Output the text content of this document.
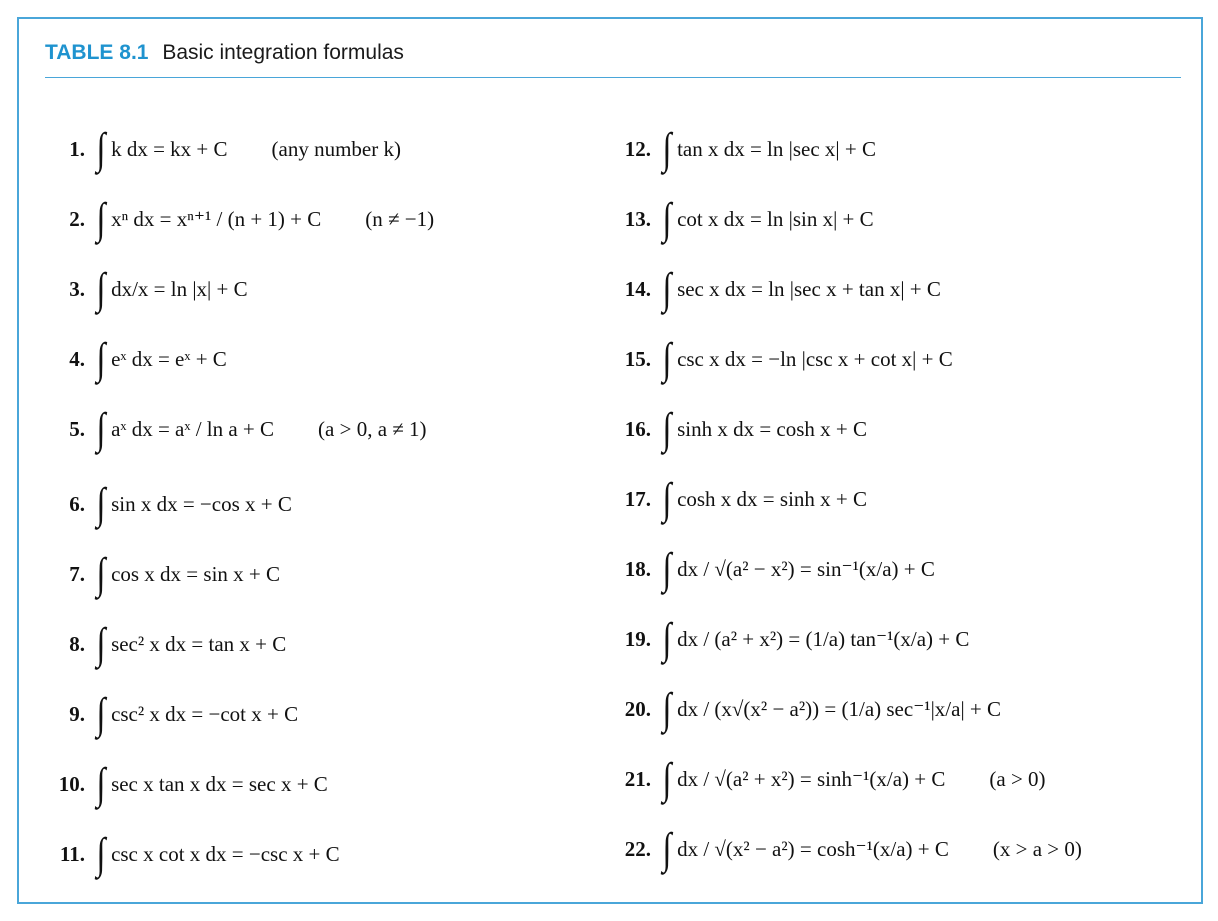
TABLE 8.1 Basic integration formulas
1. ∫ k dx = kx + C (any number k)
2. ∫ xⁿ dx = xⁿ⁺¹ / (n + 1) + C (n ≠ −1)
3. ∫ dx/x = ln |x| + C
4. ∫ eˣ dx = eˣ + C
5. ∫ aˣ dx = aˣ / ln a + C (a > 0, a ≠ 1)
6. ∫ sin x dx = −cos x + C
7. ∫ cos x dx = sin x + C
8. ∫ sec² x dx = tan x + C
9. ∫ csc² x dx = −cot x + C
10. ∫ sec x tan x dx = sec x + C
11. ∫ csc x cot x dx = −csc x + C
12. ∫ tan x dx = ln |sec x| + C
13. ∫ cot x dx = ln |sin x| + C
14. ∫ sec x dx = ln |sec x + tan x| + C
15. ∫ csc x dx = −ln |csc x + cot x| + C
16. ∫ sinh x dx = cosh x + C
17. ∫ cosh x dx = sinh x + C
18. ∫ dx / √(a² − x²) = sin⁻¹(x/a) + C
19. ∫ dx / (a² + x²) = (1/a) tan⁻¹(x/a) + C
20. ∫ dx / (x√(x² − a²)) = (1/a) sec⁻¹|x/a| + C
21. ∫ dx / √(a² + x²) = sinh⁻¹(x/a) + C (a > 0)
22. ∫ dx / √(x² − a²) = cosh⁻¹(x/a) + C (x > a > 0)
